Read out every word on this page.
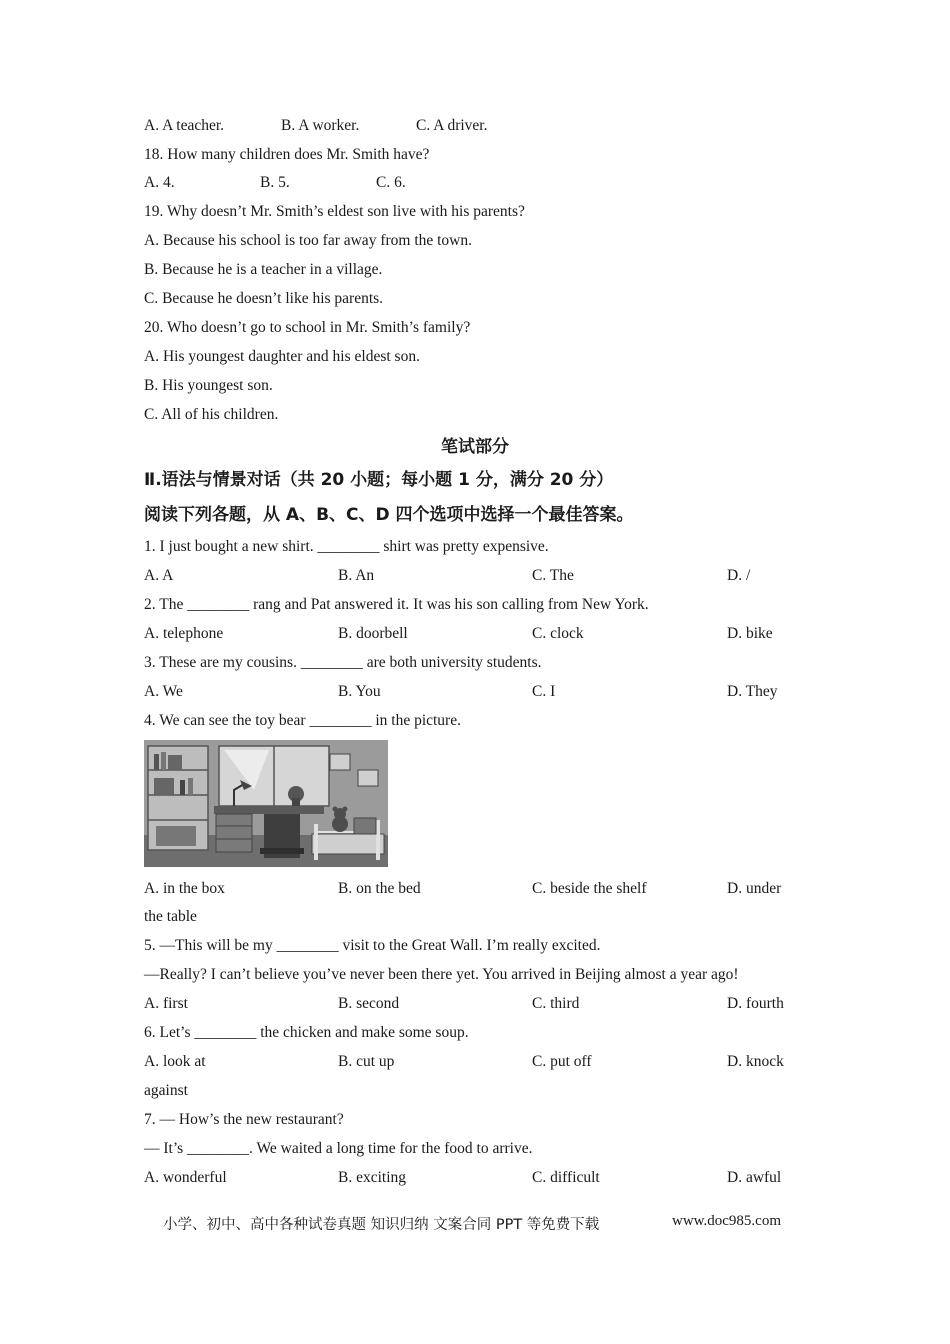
A. A teacher.	B. A worker.	C. A driver.
18. How many children does Mr. Smith have?
A. 4.	B. 5.	C. 6.
19. Why doesn’t Mr. Smith’s eldest son live with his parents?
A. Because his school is too far away from the town.
B. Because he is a teacher in a village.
C. Because he doesn’t like his parents.
20. Who doesn’t go to school in Mr. Smith’s family?
A. His youngest daughter and his eldest son.
B. His youngest son.
C. All of his children.
笔试部分
Ⅱ.语法与情景对话（共 20 小题；每小题 1 分，满分 20 分）
阅读下列各题，从 A、B、C、D 四个选项中选择一个最佳答案。
1. I just bought a new shirt. ________ shirt was pretty expensive.
A. A	B. An	C. The	D. /
2. The ________ rang and Pat answered it. It was his son calling from New York.
A. telephone	B. doorbell	C. clock	D. bike
3. These are my cousins. ________ are both university students.
A. We	B. You	C. I	D. They
4. We can see the toy bear ________ in the picture.
A. in the box	B. on the bed	C. beside the shelf	D. under
the table
5. —This will be my ________ visit to the Great Wall. I’m really excited.
—Really? I can’t believe you’ve never been there yet. You arrived in Beijing almost a year ago!
A. first	B. second	C. third	D. fourth
6. Let’s ________ the chicken and make some soup.
A. look at	B. cut up	C. put off	D. knock
against
7. — How’s the new restaurant?
— It’s ________. We waited a long time for the food to arrive.
A. wonderful	B. exciting	C. difficult	D. awful
小学、初中、高中各种试卷真题 知识归纳 文案合同 PPT 等免费下载	www.doc985.com
